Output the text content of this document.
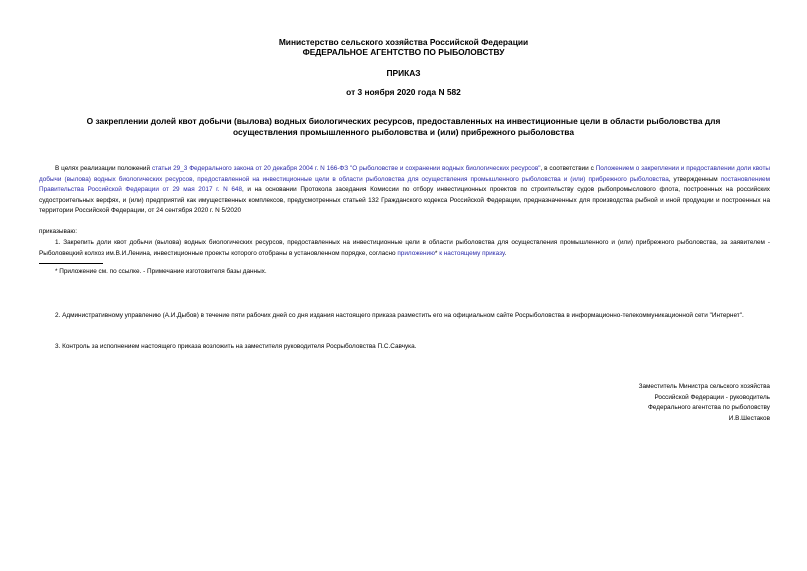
Министерство сельского хозяйства Российской Федерации
ФЕДЕРАЛЬНОЕ АГЕНТСТВО ПО РЫБОЛОВСТВУ
ПРИКАЗ
от 3 ноября 2020 года N 582
О закреплении долей квот добычи (вылова) водных биологических ресурсов, предоставленных на инвестиционные цели в области рыболовства для осуществления промышленного рыболовства и (или) прибрежного рыболовства
В целях реализации положений статьи 29_3 Федерального закона от 20 декабря 2004 г. N 166-ФЗ "О рыболовстве и сохранении водных биологических ресурсов", в соответствии с Положением о закреплении и предоставлении доли квоты добычи (вылова) водных биологических ресурсов, предоставленной на инвестиционные цели в области рыболовства для осуществления промышленного рыболовства и (или) прибрежного рыболовства, утвержденным постановлением Правительства Российской Федерации от 29 мая 2017 г. N 648, и на основании Протокола заседания Комиссии по отбору инвестиционных проектов по строительству судов рыбопромыслового флота, построенных на российских судостроительных верфях, и (или) предприятий как имущественных комплексов, предусмотренных статьей 132 Гражданского кодекса Российской Федерации, предназначенных для производства рыбной и иной продукции и построенных на территории Российской Федерации, от 24 сентября 2020 г. N 5/2020
приказываю:
1. Закрепить доли квот добычи (вылова) водных биологических ресурсов, предоставленных на инвестиционные цели в области рыболовства для осуществления промышленного и (или) прибрежного рыболовства, за заявителем - Рыболовецкий колхоз им.В.И.Ленина, инвестиционные проекты которого отобраны в установленном порядке, согласно приложению* к настоящему приказу.
* Приложение см. по ссылке. - Примечание изготовителя базы данных.
2. Административному управлению (А.И.Дыбов) в течение пяти рабочих дней со дня издания настоящего приказа разместить его на официальном сайте Росрыболовства в информационно-телекоммуникационной сети "Интернет".
3. Контроль за исполнением настоящего приказа возложить на заместителя руководителя Росрыболовства П.С.Савчука.
Заместитель Министра сельского хозяйства
Российской Федерации - руководитель
Федерального агентства по рыболовству
И.В.Шестаков
